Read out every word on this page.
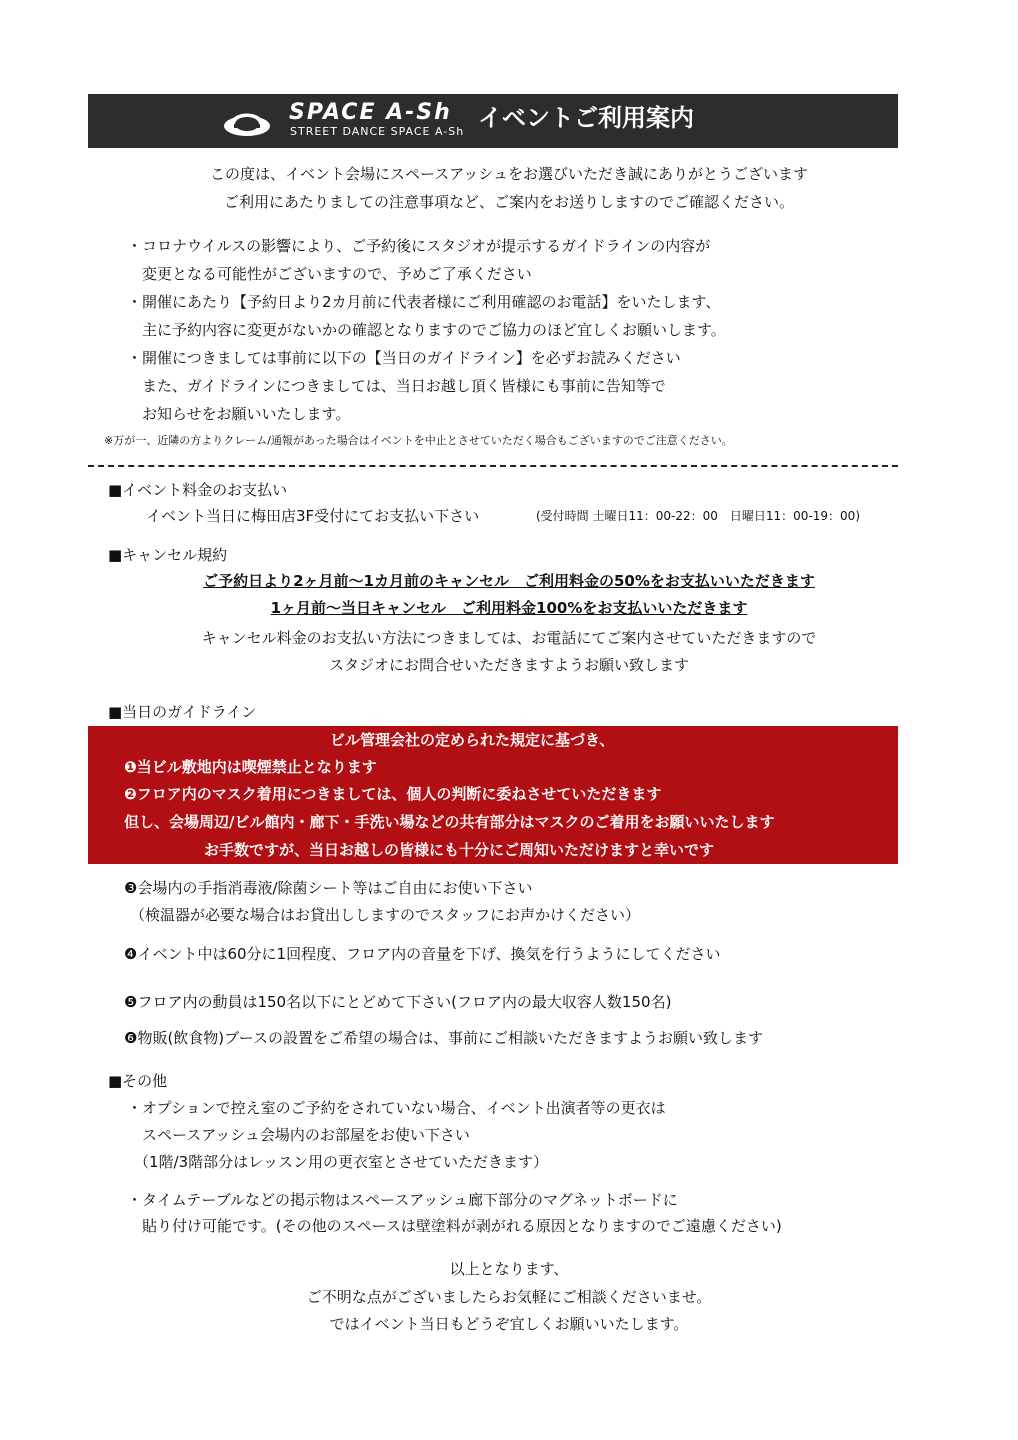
SPACE A-Sh
STREET DANCE SPACE A-Sh イベントご利用案内
この度は、イベント会場にスペースアッシュをお選びいただき誠にありがとうございます
ご利用にあたりましての注意事項など、ご案内をお送りしますのでご確認ください。
・コロナウイルスの影響により、ご予約後にスタジオが提示するガイドラインの内容が
変更となる可能性がございますので、予めご了承ください
・開催にあたり【予約日より2カ月前に代表者様にご利用確認のお電話】をいたします、
主に予約内容に変更がないかの確認となりますのでご協力のほど宜しくお願いします。
・開催につきましては事前に以下の【当日のガイドライン】を必ずお読みください
また、ガイドラインにつきましては、当日お越し頂く皆様にも事前に告知等で
お知らせをお願いいたします。
※万が一、近隣の方よりクレーム/通報があった場合はイベントを中止とさせていただく場合もございますのでご注意ください。
■イベント料金のお支払い
イベント当日に梅田店3F受付にてお支払い下さい	(受付時間 土曜日11：00-22：00　日曜日11：00-19：00)
■キャンセル規約
ご予約日より2ヶ月前〜1カ月前のキャンセル　ご利用料金の50%をお支払いいただきます
1ヶ月前〜当日キャンセル　ご利用料金100%をお支払いいただきます
キャンセル料金のお支払い方法につきましては、お電話にてご案内させていただきますので
スタジオにお問合せいただきますようお願い致します
■当日のガイドライン
ビル管理会社の定められた規定に基づき、
❶当ビル敷地内は喫煙禁止となります
❷フロア内のマスク着用につきましては、個人の判断に委ねさせていただきます
但し、会場周辺/ビル館内・廊下・手洗い場などの共有部分はマスクのご着用をお願いいたします
お手数ですが、当日お越しの皆様にも十分にご周知いただけますと幸いです
❸会場内の手指消毒液/除菌シート等はご自由にお使い下さい
（検温器が必要な場合はお貸出ししますのでスタッフにお声かけください）
❹イベント中は60分に1回程度、フロア内の音量を下げ、換気を行うようにしてください
❺フロア内の動員は150名以下にとどめて下さい(フロア内の最大収容人数150名)
❻物販(飲食物)ブースの設置をご希望の場合は、事前にご相談いただきますようお願い致します
■その他
・オプションで控え室のご予約をされていない場合、イベント出演者等の更衣は
スペースアッシュ会場内のお部屋をお使い下さい
（1階/3階部分はレッスン用の更衣室とさせていただきます）
・タイムテーブルなどの掲示物はスペースアッシュ廊下部分のマグネットボードに
貼り付け可能です。(その他のスペースは壁塗料が剥がれる原因となりますのでご遠慮ください)
以上となります、
ご不明な点がございましたらお気軽にご相談くださいませ。
ではイベント当日もどうぞ宜しくお願いいたします。
